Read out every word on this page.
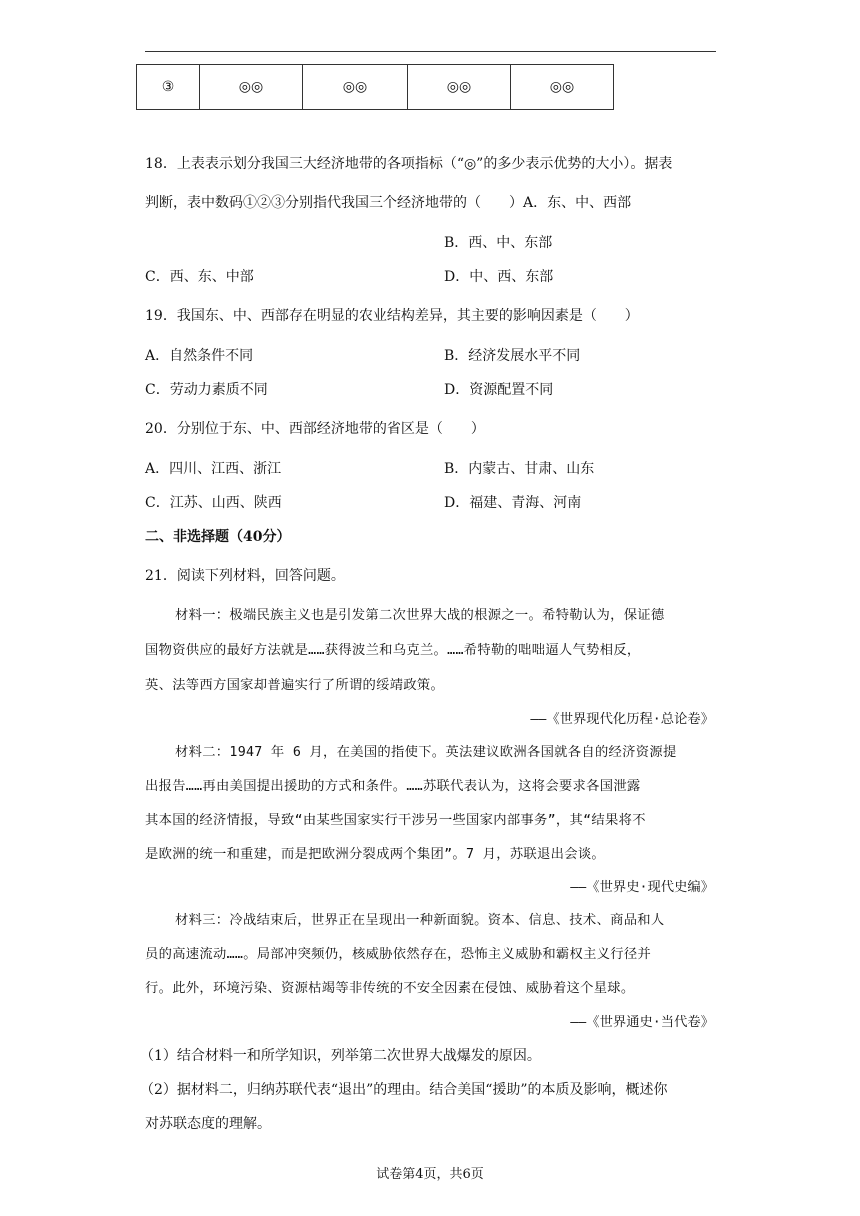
③	◎◎	◎◎	◎◎	◎◎
18．上表表示划分我国三大经济地带的各项指标（“◎”的多少表示优势的大小）。据表
判断，表中数码①②③分别指代我国三个经济地带的（　　）A．东、中、西部
B．西、中、东部
C．西、东、中部	D．中、西、东部
19．我国东、中、西部存在明显的农业结构差异，其主要的影响因素是（　　）
A．自然条件不同	B．经济发展水平不同
C．劳动力素质不同	D．资源配置不同
20．分别位于东、中、西部经济地带的省区是（　　）
A．四川、江西、浙江	B．内蒙古、甘肃、山东
C．江苏、山西、陕西	D．福建、青海、河南
二、非选择题（40分）
21．阅读下列材料，回答问题。
材料一：极端民族主义也是引发第二次世界大战的根源之一。希特勒认为，保证德
国物资供应的最好方法就是……获得波兰和乌克兰。……希特勒的咄咄逼人气势相反，
英、法等西方国家却普遍实行了所谓的绥靖政策。
——《世界现代化历程·总论卷》
材料二：1947 年 6 月，在美国的指使下。英法建议欧洲各国就各自的经济资源提
出报告……再由美国提出援助的方式和条件。……苏联代表认为，这将会要求各国泄露
其本国的经济情报，导致“由某些国家实行干涉另一些国家内部事务”，其“结果将不
是欧洲的统一和重建，而是把欧洲分裂成两个集团”。7 月，苏联退出会谈。
——《世界史·现代史编》
材料三：冷战结束后，世界正在呈现出一种新面貌。资本、信息、技术、商品和人
员的高速流动……。局部冲突频仍，核威胁依然存在，恐怖主义威胁和霸权主义行径并
行。此外，环境污染、资源枯竭等非传统的不安全因素在侵蚀、威胁着这个星球。
——《世界通史·当代卷》
（1）结合材料一和所学知识，列举第二次世界大战爆发的原因。
（2）据材料二，归纳苏联代表“退出”的理由。结合美国“援助”的本质及影响，概述你
对苏联态度的理解。
试卷第4页，共6页
